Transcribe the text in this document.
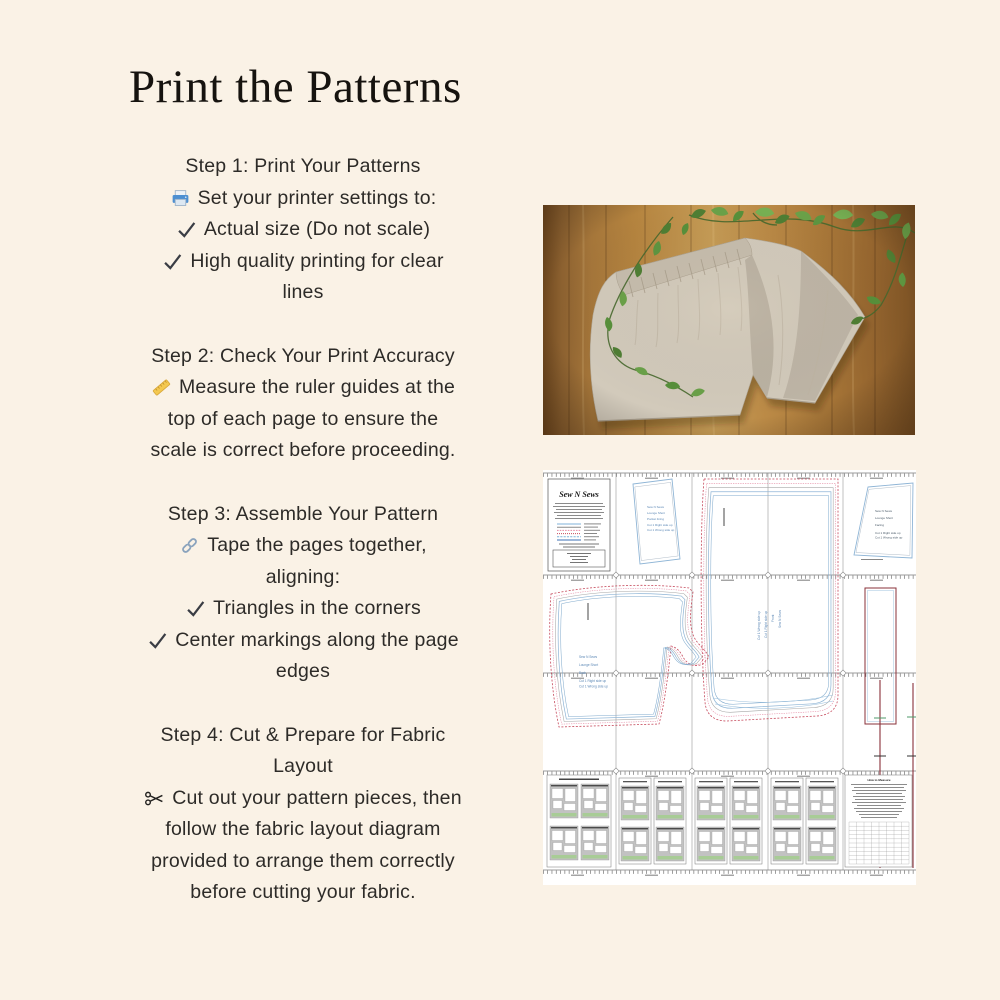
Print the Patterns
Step 1: Print Your Patterns
Set your printer settings to:
Actual size (Do not scale)
High quality printing for clear
lines
Step 2: Check Your Print Accuracy
Measure the ruler guides at the
top of each page to ensure the
scale is correct before proceeding.
Step 3: Assemble Your Pattern
Tape the pages together,
aligning:
Triangles in the corners
Center markings along the page
edges
Step 4: Cut & Prepare for Fabric
Layout
Cut out your pattern pieces, then
follow the fabric layout diagram
provided to arrange them correctly
before cutting your fabric.
Sew N Sews
Sew N Sews
Lounge Short
Pocket lining
Cut 1 Right side up
Cut 1 Wrong side up
Sew N Sews
Front
Cut 1 Right side up
Cut 1 Wrong side up
Sew N Sews
Lounge Short
Facing
Cut 1 Right side up
Cut 1 Wrong side up
Sew N Sews
Lounge Short
Back
Cut 1 Right side up
Cut 1 Wrong side up
How to Measure
